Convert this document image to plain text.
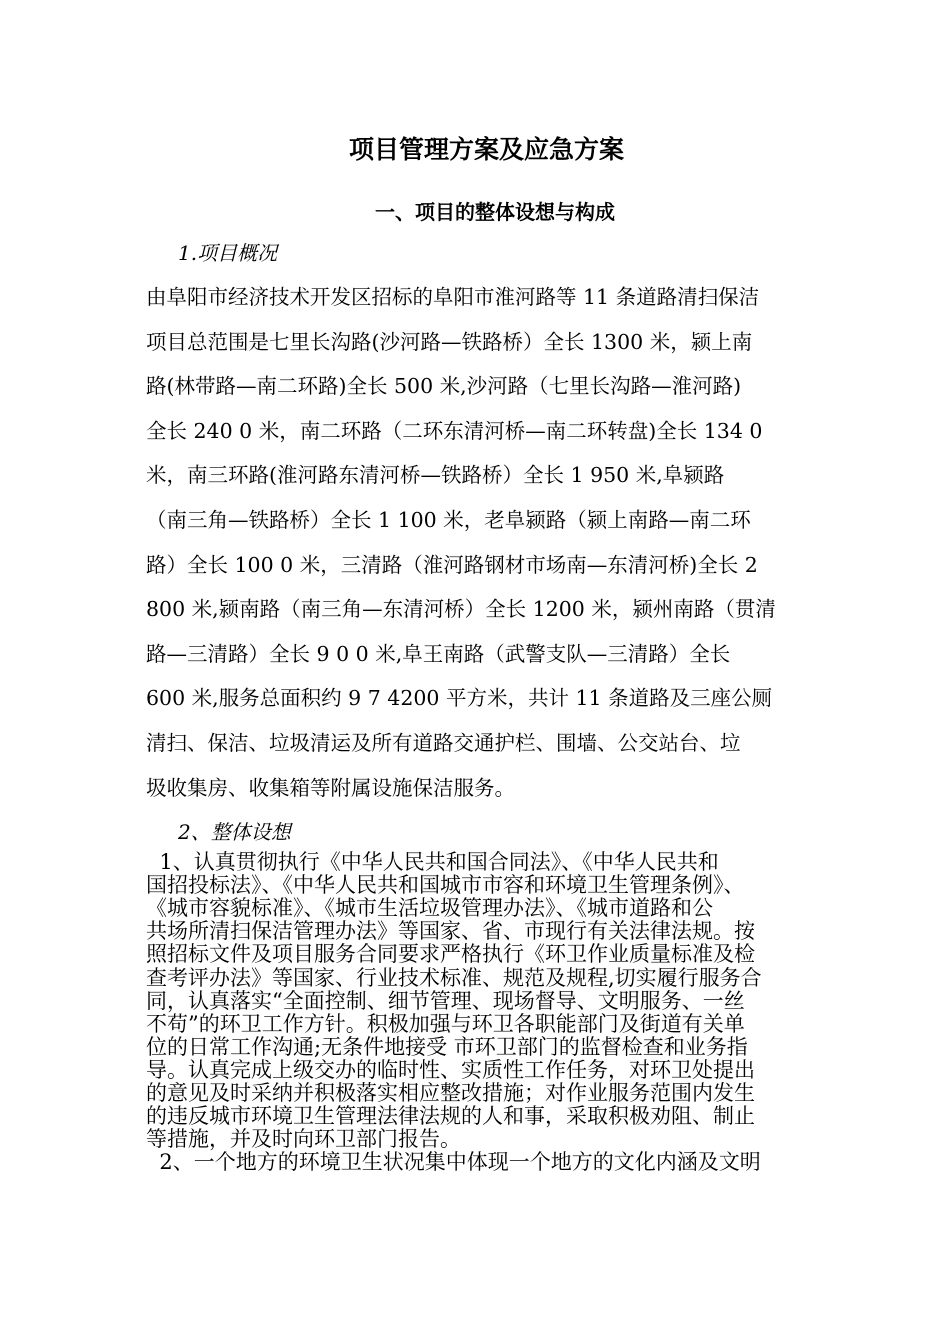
项目管理方案及应急方案
一、项目的整体设想与构成
1.项目概况
2、整体设想
由阜阳市经济技术开发区招标的阜阳市淮河路等 11 条道路清扫保洁
项目总范围是七里长沟路(沙河路—铁路桥）全长 1300 米，颍上南
路(林带路—南二环路)全长 500 米,沙河路（七里长沟路—淮河路)
全长 240 0 米，南二环路（二环东清河桥—南二环转盘)全长 134 0
米，南三环路(淮河路东清河桥—铁路桥）全长 1 950 米,阜颍路
（南三角—铁路桥）全长 1 100 米，老阜颍路（颍上南路—南二环
路）全长 100 0 米，三清路（淮河路钢材市场南—东清河桥)全长 2
800 米,颍南路（南三角—东清河桥）全长 1200 米，颍州南路（贯清
路—三清路）全长 9 0 0 米,阜王南路（武警支队—三清路）全长
600 米,服务总面积约 9 7 4200 平方米，共计 11 条道路及三座公厕
清扫、保洁、垃圾清运及所有道路交通护栏、围墙、公交站台、垃
圾收集房、收集箱等附属设施保洁服务。
1、认真贯彻执行《中华人民共和国合同法》、《中华人民共和
国招投标法》、《中华人民共和国城市市容和环境卫生管理条例》、
《城市容貌标准》、《城市生活垃圾管理办法》、《城市道路和公
共场所清扫保洁管理办法》等国家、省、市现行有关法律法规。按
照招标文件及项目服务合同要求严格执行《环卫作业质量标准及检
查考评办法》等国家、行业技术标准、规范及规程,切实履行服务合
同，认真落实“全面控制、细节管理、现场督导、文明服务、一丝
不苟”的环卫工作方针。积极加强与环卫各职能部门及街道有关单
位的日常工作沟通;无条件地接受 市环卫部门的监督检查和业务指
导。认真完成上级交办的临时性、实质性工作任务，对环卫处提出
的意见及时采纳并积极落实相应整改措施；对作业服务范围内发生
的违反城市环境卫生管理法律法规的人和事，采取积极劝阻、制止
等措施，并及时向环卫部门报告。
2、一个地方的环境卫生状况集中体现一个地方的文化内涵及文明
